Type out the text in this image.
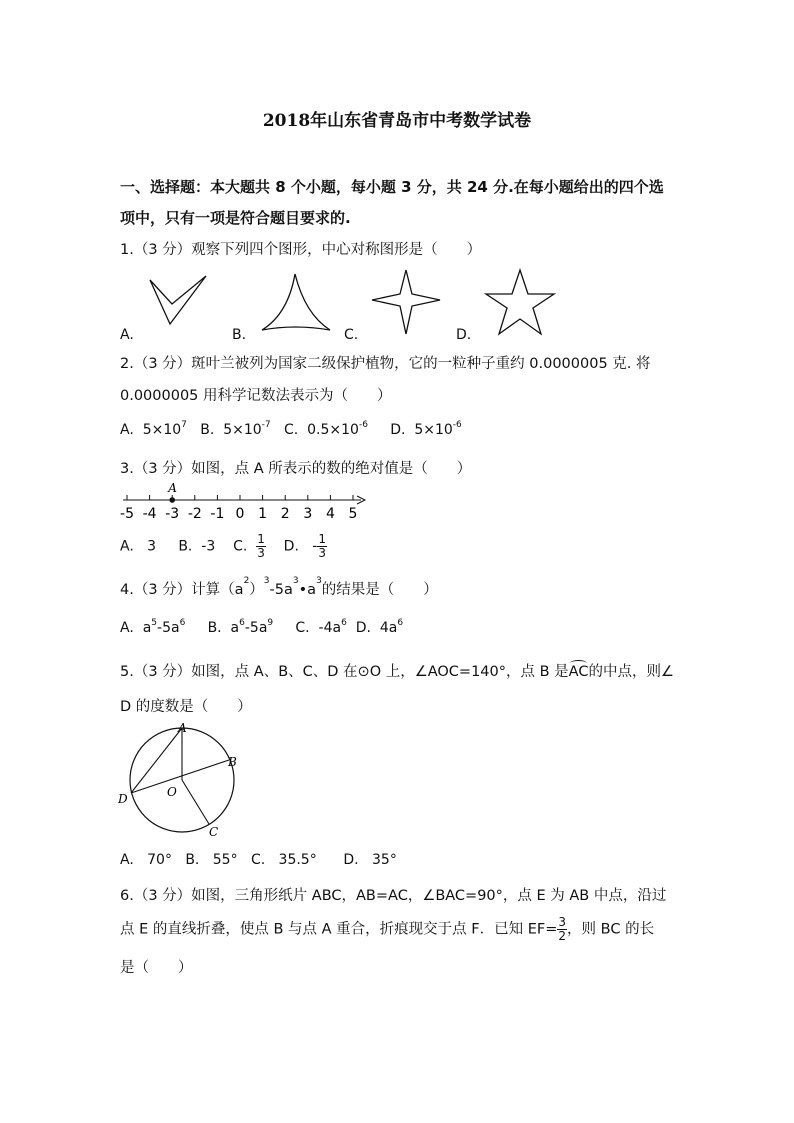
2018年山东省青岛市中考数学试卷
一、选择题：本大题共 8 个小题，每小题 3 分，共 24 分.在每小题给出的四个选
项中，只有一项是符合题目要求的.
1.（3 分）观察下列四个图形，中心对称图形是（　　）
A.	B.	C.	D.
2.（3 分）斑叶兰被列为国家二级保护植物，它的一粒种子重约 0.0000005 克. 将
0.0000005 用科学记数法表示为（　　）
A. $5\times 10^7$ B. $5\times 10^{-7}$ C. $0.5\times 10^{-6}$ D. $5\times 10^{-6}$
3.（3 分）如图，点 A 所表示的数的绝对值是（　　）
-5 -4 -3 -2 -1 0 1 2 3 4 5
A
A. 3 B. -3 C. $\frac{1}{3} D$. - $\frac{1}{3}$
4.（3 分）计算$(a^2)^3-5a^3•a^3$的结果是（　　）
A. $a^5-5a^6$ B. $a^6-5a^9$ C. $-4a^6$ D. $4a^6$
5.（3 分）如图，点 A、B、C、D 在⊙O 上，∠AOC=140°，点 B 是AC的中点，则∠
D 的度数是（　　）
A
B
C
D	O
A. 70° B. 55° C. 35.5° D. 35°
6.（3 分）如图，三角形纸片 ABC，AB=AC，∠BAC=90°，点 E 为 AB 中点，沿过
点 E 的直线折叠，使点 B 与点 A 重合，折痕现交于点 F．已知 $EF= \frac{3}{2}$ ，则 BC 的长
是（　　）
